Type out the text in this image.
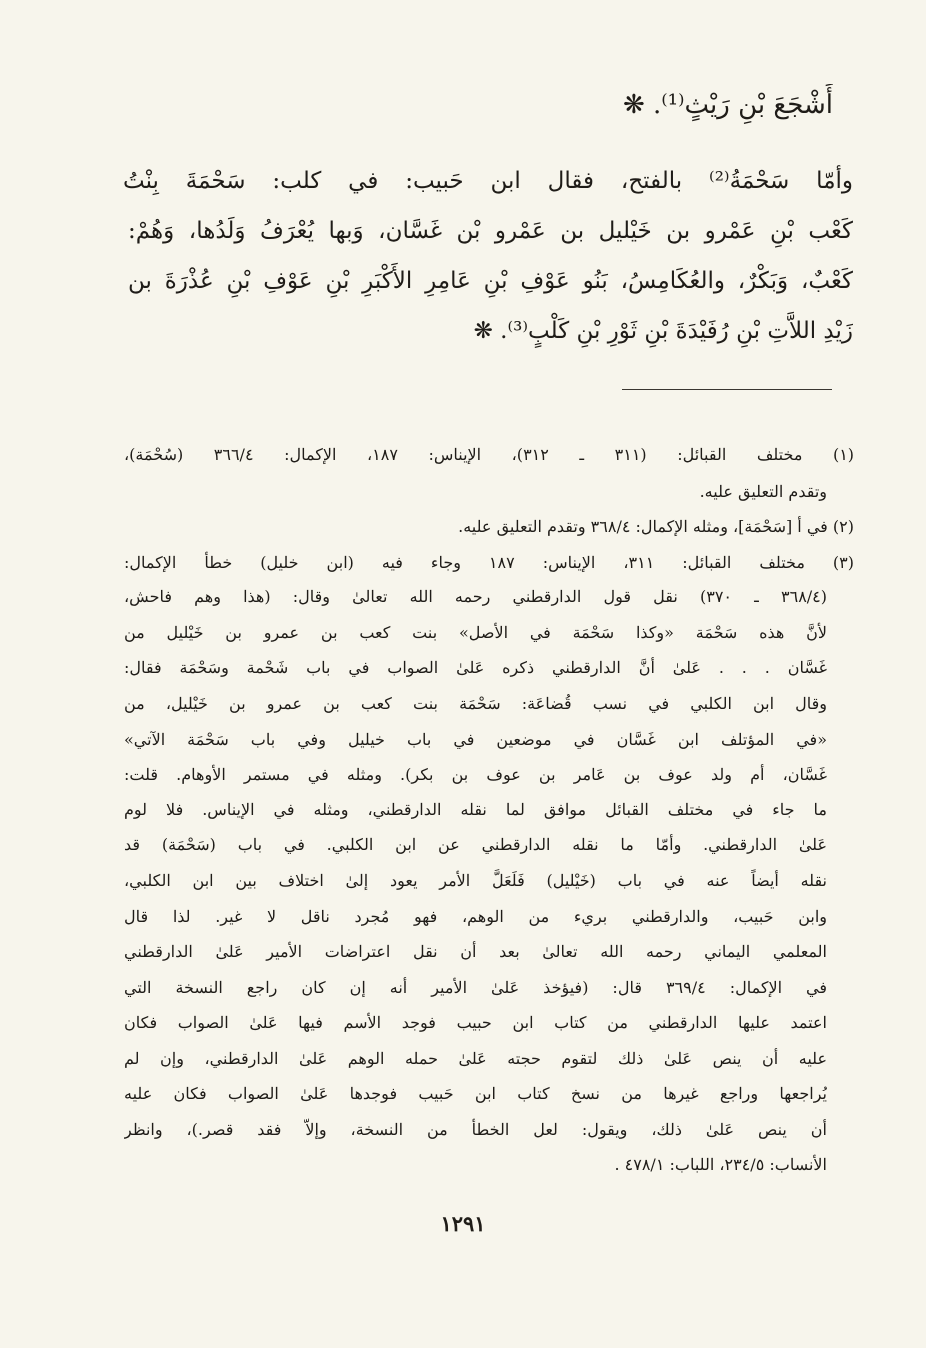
أَشْجَعَ بْنِ رَيْثٍ⁽¹⁾. ❋
وأمّا سَحْمَةُ⁽²⁾ بالفتح، فقال ابن حَبيب: في كلب: سَحْمَةَ بِنْتُ
كَعْب بْنِ عَمْرو بن خَيْليل بن عَمْرو بْن غَسَّان، وَبها يُعْرَفُ وَلَدُها، وَهُمْ:
كَعْبٌ، وَبَكْرٌ، والعُكَامِسُ، بَنُو عَوْفِ بْنِ عَامِرِ الأَكْبَرِ بْنِ عَوْفِ بْنِ عُذْرَةَ بن
زَيْدِ اللاَّتِ بْنِ رُفَيْدَةَ بْنِ ثَوْرِ بْنِ كَلْبٍ⁽³⁾. ❋
(١) مختلف القبائل: (٣١١ ـ ٣١٢)، الإيناس: ١٨٧، الإكمال: ٣٦٦/٤ (سُحْمَة)،
وتقدم التعليق عليه.
(٢) في أ [سَحْمَة]، ومثله الإكمال: ٣٦٨/٤ وتقدم التعليق عليه.
(٣) مختلف القبائل: ٣١١، الإيناس: ١٨٧ وجاء فيه (ابن خليل) خطأ الإكمال:
(٣٦٨/٤ ـ ٣٧٠) نقل قول الدارقطني رحمه الله تعالىٰ وقال: (هذا وهم فاحش،
لأنَّ هذه سَحْمَة «وكذا سَحْمَة في الأصل» بنت كعب بن عمرو بن خَيْليل من
غَسَّان . . . عَلىٰ أنَّ الدارقطني ذكره عَلىٰ الصواب في باب شَحْمة وسَحْمَة فقال:
وقال ابن الكلبي في نسب قُضاعَة: سَحْمَة بنت كعب بن عمرو بن خَيْليل، من
«في المؤتلف ابن غَسَّان في موضعين في باب خيليل وفي باب سَحْمَة الآتي»
غَسَّان، أم ولد عوف بن عَامر بن عوف بن بكر). ومثله في مستمر الأوهام. قلت:
ما جاء في مختلف القبائل موافق لما نقله الدارقطني، ومثله في الإيناس. فلا لوم
عَلىٰ الدارقطني. وأمّا ما نقله الدارقطني عن ابن الكلبي. في باب (سَحْمَة) قد
نقله أيضاً عنه في باب (خَيْليل) فَلَعَلَّ الأمر يعود إلىٰ اختلاف بين ابن الكلبي،
وابن حَبيب، والدارقطني بريء من الوهم، فهو مُجرد ناقل لا غير. لذا قال
المعلمي اليماني رحمه الله تعالىٰ بعد أن نقل اعتراضات الأمير عَلىٰ الدارقطني
في الإكمال: ٣٦٩/٤ قال: (فيؤخذ عَلىٰ الأمير أنه إن كان راجع النسخة التي
اعتمد عليها الدارقطني من كتاب ابن حبيب فوجد الأسم فيها عَلىٰ الصواب فكان
عليه أن ينص عَلىٰ ذلك لتقوم حجته عَلىٰ حمله الوهم عَلىٰ الدارقطني، وإن لم
يُراجعها وراجع غيرها من نسخ كتاب ابن حَبيب فوجدها عَلىٰ الصواب فكان عليه
أن ينص عَلىٰ ذلك، ويقول: لعل الخطأ من النسخة، وإلاّ فقد قصر.)، وانظر
الأنساب: ٢٣٤/٥، اللباب: ٤٧٨/١ .
١٢٩١
